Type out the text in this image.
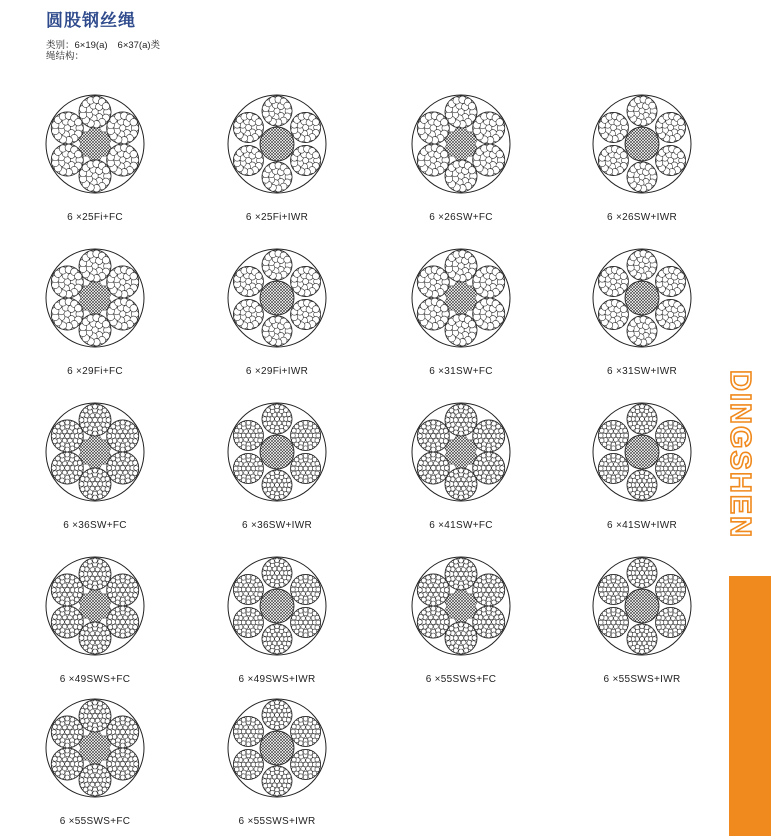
圆股钢丝绳
类别：6×19(a) 6×37(a)类
绳结构：
6 ×25Fi+FC	6 ×25Fi+IWR	6 ×26SW+FC	6 ×26SW+IWR
6 ×29Fi+FC	6 ×29Fi+IWR	6 ×31SW+FC	6 ×31SW+IWR
6 ×36SW+FC	6 ×36SW+IWR	6 ×41SW+FC	6 ×41SW+IWR
6 ×49SWS+FC	6 ×49SWS+IWR	6 ×55SWS+FC	6 ×55SWS+IWR
6 ×55SWS+FC	6 ×55SWS+IWR
DINGSHEN
